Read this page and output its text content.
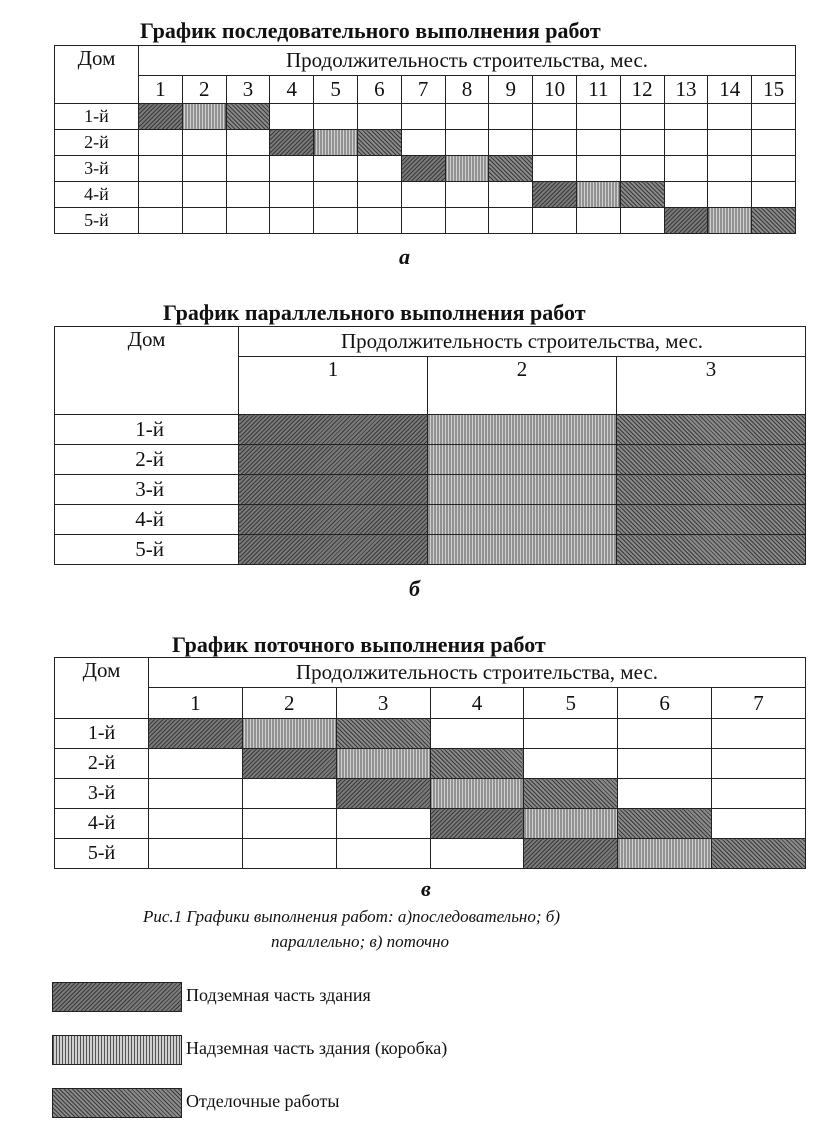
График последовательного выполнения работ
Дом	Продолжительность строительства, мес.														
	1	2	3	4	5	6	7	8	9	10	11	12	13	14	15
1-й															
2-й															
3-й															
4-й															
5-й															
а
График параллельного выполнения работ
Дом	Продолжительность строительства, мес.		
	1	2	3
1-й			
2-й			
3-й			
4-й			
5-й			
б
График поточного выполнения работ
Дом	Продолжительность строительства, мес.						
	1	2	3	4	5	6	7
1-й							
2-й							
3-й							
4-й							
5-й							
в
Рис.1 Графики выполнения работ: а)последовательно; б)
параллельно; в) поточно
Подземная часть здания
Надземная часть здания (коробка)
Отделочные работы
